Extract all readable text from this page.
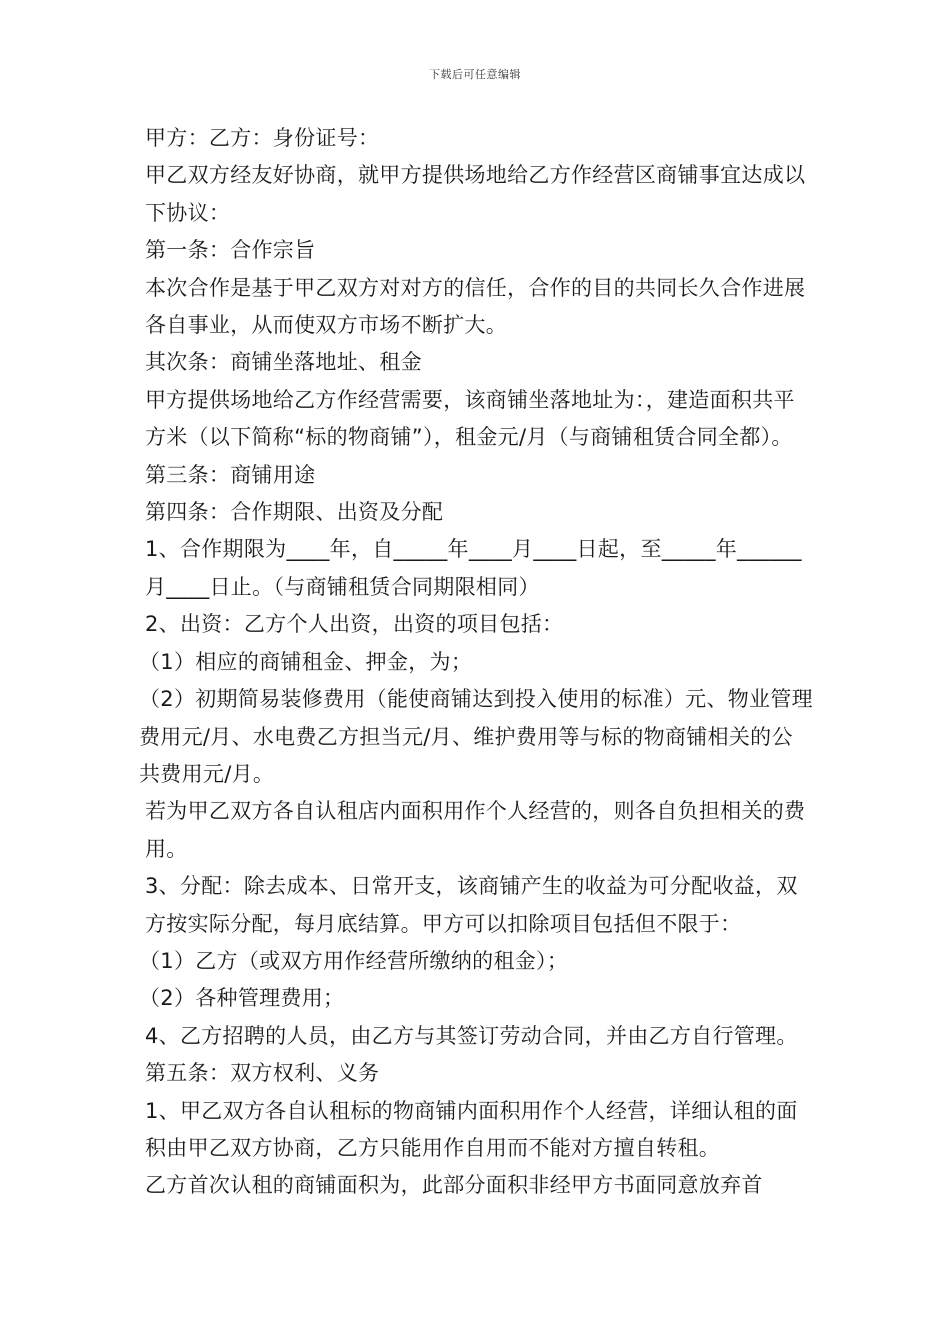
下载后可任意编辑

甲方：乙方：身份证号：

甲乙双方经友好协商，就甲方提供场地给乙方作经营区商铺事宜达成以下协议：

第一条：合作宗旨

本次合作是基于甲乙双方对对方的信任，合作的目的共同长久合作进展各自事业，从而使双方市场不断扩大。

其次条：商铺坐落地址、租金

甲方提供场地给乙方作经营需要，该商铺坐落地址为：，建造面积共平方米（以下简称“标的物商铺”），租金元/月（与商铺租赁合同全都）。

第三条：商铺用途

第四条：合作期限、出资及分配

1、合作期限为____年，自_____年____月____日起，至_____年______月____日止。（与商铺租赁合同期限相同）

2、出资：乙方个人出资，出资的项目包括：

（1）相应的商铺租金、押金，为；

（2）初期简易装修费用（能使商铺达到投入使用的标准）元、物业管理费用元/月、水电费乙方担当元/月、维护费用等与标的物商铺相关的公共费用元/月。

若为甲乙双方各自认租店内面积用作个人经营的，则各自负担相关的费用。

3、分配：除去成本、日常开支，该商铺产生的收益为可分配收益，双方按实际分配，每月底结算。甲方可以扣除项目包括但不限于：

（1）乙方（或双方用作经营所缴纳的租金）；

（2）各种管理费用；

4、乙方招聘的人员，由乙方与其签订劳动合同，并由乙方自行管理。

第五条：双方权利、义务

1、甲乙双方各自认租标的物商铺内面积用作个人经营，详细认租的面积由甲乙双方协商，乙方只能用作自用而不能对方擅自转租。

乙方首次认租的商铺面积为，此部分面积非经甲方书面同意放弃首
